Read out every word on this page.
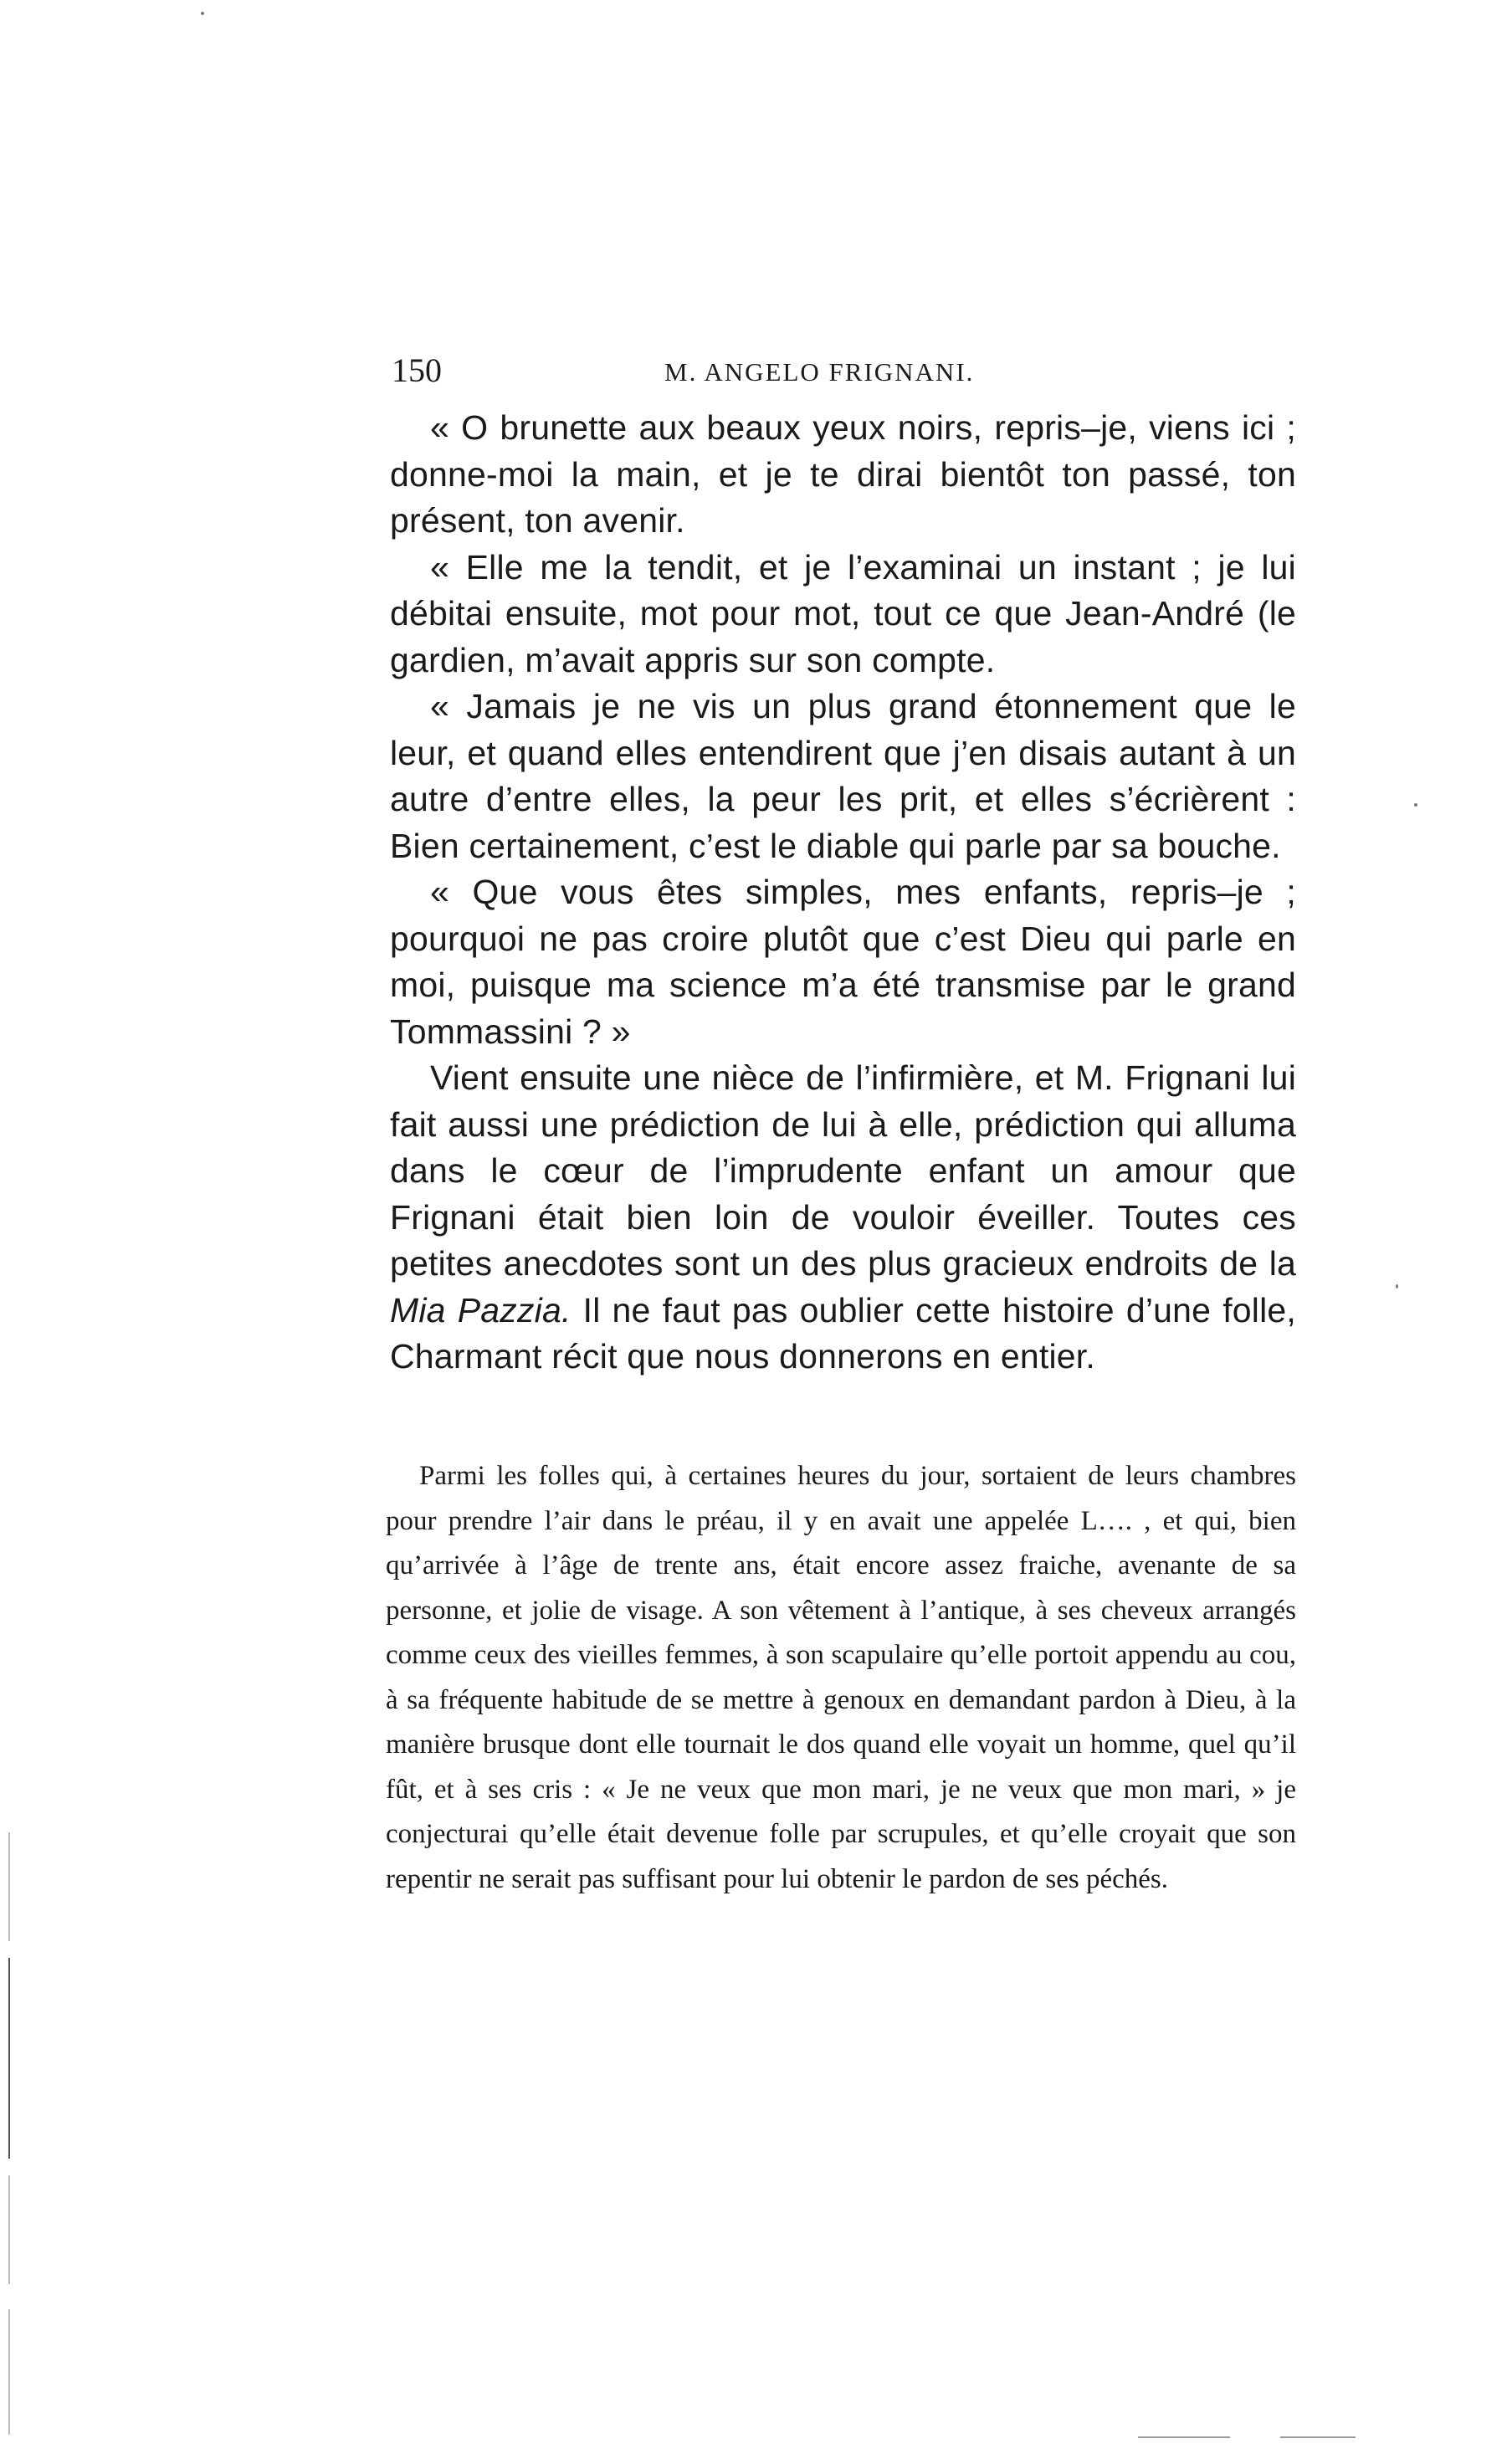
150	M. ANGELO FRIGNANI.

« O brunette aux beaux yeux noirs, repris–je, viens ici ; donne-moi la main, et je te dirai bientôt ton passé, ton présent, ton avenir.

« Elle me la tendit, et je l’examinai un instant ; je lui débitai ensuite, mot pour mot, tout ce que Jean-André (le gardien, m’avait appris sur son compte.

« Jamais je ne vis un plus grand étonnement que le leur, et quand elles entendirent que j’en disais autant à un autre d’entre elles, la peur les prit, et elles s’écrièrent : Bien certainement, c’est le diable qui parle par sa bouche.

« Que vous êtes simples, mes enfants, repris–je ; pourquoi ne pas croire plutôt que c’est Dieu qui parle en moi, puisque ma science m’a été transmise par le grand Tommassini ? »

Vient ensuite une nièce de l’infirmière, et M. Frignani lui fait aussi une prédiction de lui à elle, prédiction qui alluma dans le cœur de l’imprudente enfant un amour que Frignani était bien loin de vouloir éveiller. Toutes ces petites anecdotes sont un des plus gracieux endroits de la Mia Pazzia. Il ne faut pas oublier cette histoire d’une folle, Charmant récit que nous donnerons en entier.

Parmi les folles qui, à certaines heures du jour, sortaient de leurs chambres pour prendre l’air dans le préau, il y en avait une appelée L…. , et qui, bien qu’arrivée à l’âge de trente ans, était encore assez fraiche, avenante de sa personne, et jolie de visage. A son vêtement à l’antique, à ses cheveux arrangés comme ceux des vieilles femmes, à son scapulaire qu’elle portoit appendu au cou, à sa fréquente habitude de se mettre à genoux en demandant pardon à Dieu, à la manière brusque dont elle tournait le dos quand elle voyait un homme, quel qu’il fût, et à ses cris : « Je ne veux que mon mari, je ne veux que mon mari, » je conjecturai qu’elle était devenue folle par scrupules, et qu’elle croyait que son repentir ne serait pas suffisant pour lui obtenir le pardon de ses péchés.
